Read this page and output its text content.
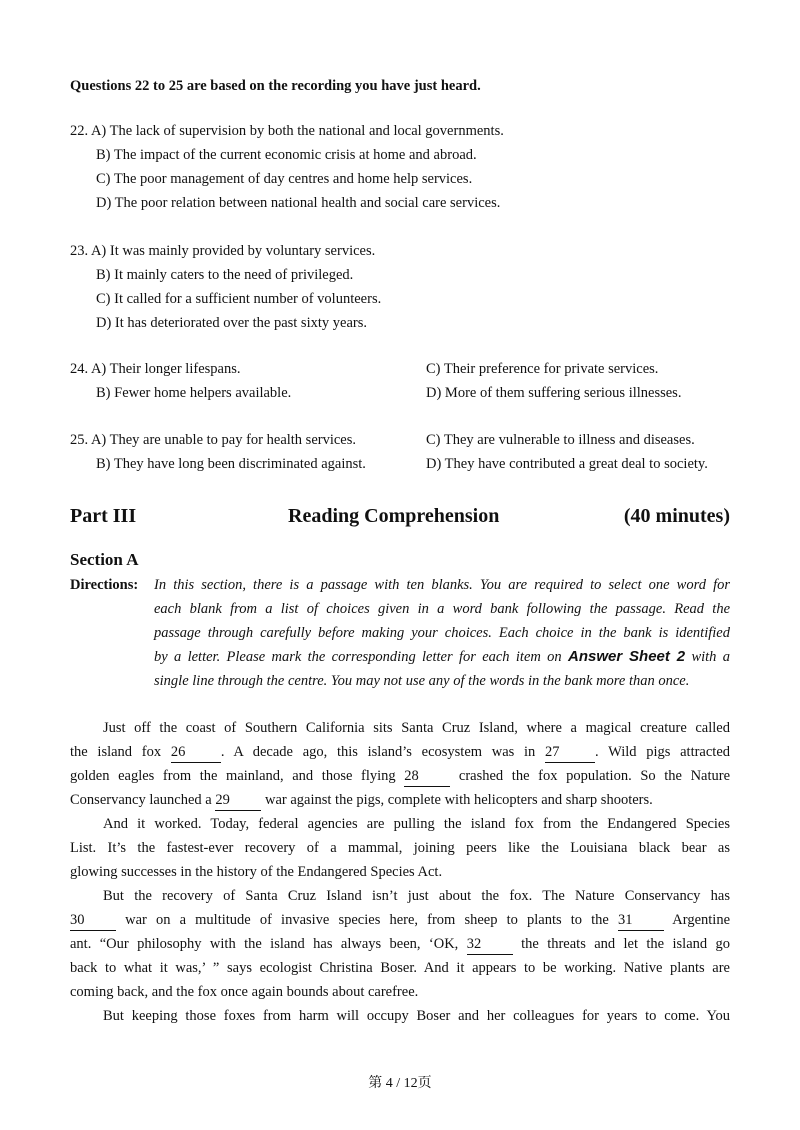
Questions 22 to 25 are based on the recording you have just heard.
22. A) The lack of supervision by both the national and local governments.
B) The impact of the current economic crisis at home and abroad.
C) The poor management of day centres and home help services.
D) The poor relation between national health and social care services.
23. A) It was mainly provided by voluntary services.
B) It mainly caters to the need of privileged.
C) It called for a sufficient number of volunteers.
D) It has deteriorated over the past sixty years.
24. A) Their longer lifespans.	C) Their preference for private services.
B) Fewer home helpers available.	D) More of them suffering serious illnesses.
25. A) They are unable to pay for health services.	C) They are vulnerable to illness and diseases.
B) They have long been discriminated against.	D) They have contributed a great deal to society.
Part III	Reading Comprehension	(40 minutes)
Section A
Directions: In this section, there is a passage with ten blanks. You are required to select one word for
each blank from a list of choices given in a word bank following the passage. Read the
passage through carefully before making your choices. Each choice in the bank is identified
by a letter. Please mark the corresponding letter for each item on Answer Sheet 2 with a
single line through the centre. You may not use any of the words in the bank more than once.
Just off the coast of Southern California sits Santa Cruz Island, where a magical creature called
the island fox 26 . A decade ago, this island’s ecosystem was in 27 . Wild pigs attracted
golden eagles from the mainland, and those flying 28	crashed the fox population. So the Nature
Conservancy launched a 29 war against the pigs, complete with helicopters and sharp shooters.
And it worked. Today, federal agencies are pulling the island fox from the Endangered Species
List. It’s the fastest-ever recovery of a mammal, joining peers like the Louisiana black bear as
glowing successes in the history of the Endangered Species Act.
But the recovery of Santa Cruz Island isn’t just about the fox. The Nature Conservancy has
30	war on a multitude of invasive species here, from sheep to plants to the 31	Argentine
ant. “Our philosophy with the island has always been, ‘OK, 32	the threats and let the island go
back to what it was,’ ” says ecologist Christina Boser. And it appears to be working. Native plants are
coming back, and the fox once again bounds about carefree.
But keeping those foxes from harm will occupy Boser and her colleagues for years to come. You
第 4 / 12页
